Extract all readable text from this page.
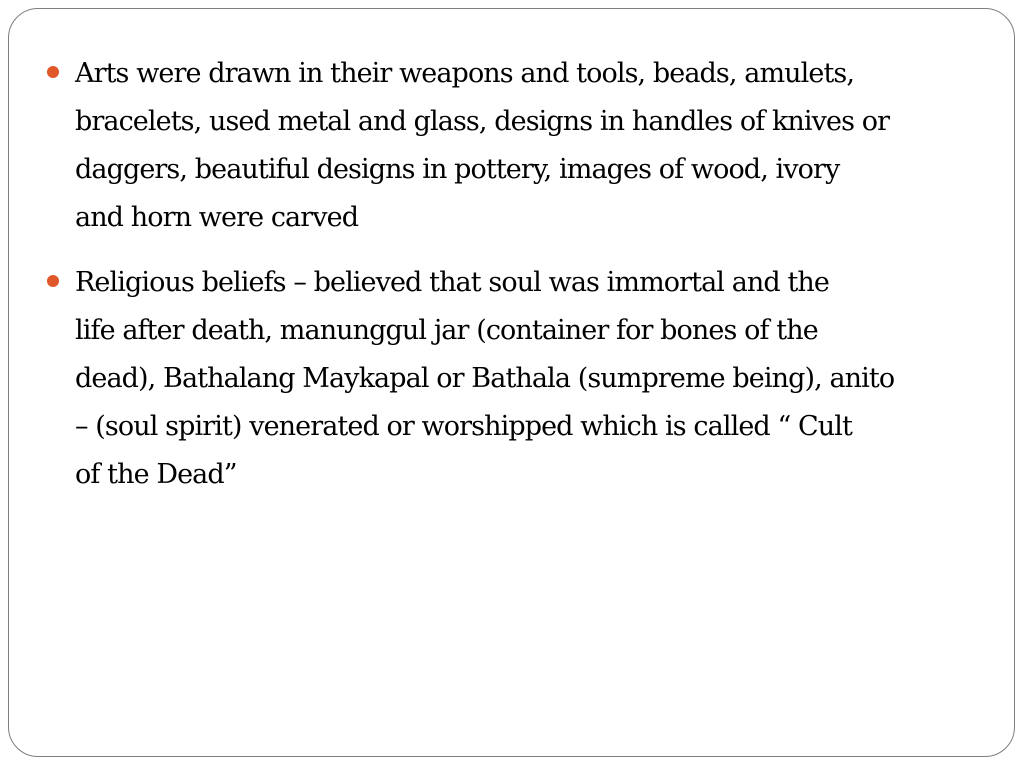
Arts were drawn in their weapons and tools, beads, amulets,
bracelets, used metal and glass, designs in handles of knives or
daggers, beautiful designs in pottery, images of wood, ivory
and horn were carved
Religious beliefs – believed that soul was immortal and the
life after death, manunggul jar (container for bones of the
dead), Bathalang Maykapal or Bathala (sumpreme being), anito
– (soul spirit) venerated or worshipped which is called “ Cult
of the Dead”
